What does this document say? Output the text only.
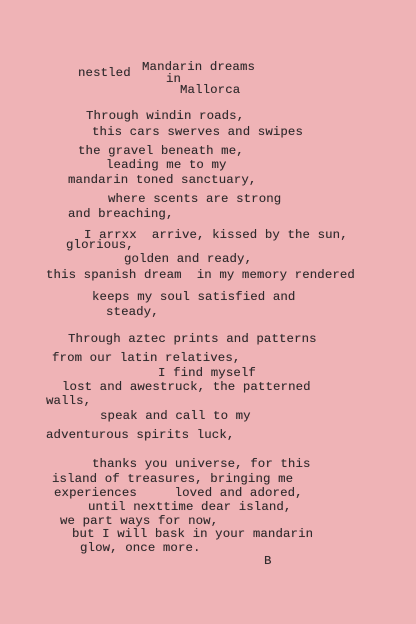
nestled Mandarin dreams
in
Mallorca
Through windin roads,
this cars swerves and swipes
the gravel beneath me,
leading me to my
mandarin toned sanctuary,
where scents are strong
and breaching,
I arrxx  arrive, kissed by the sun,
glorious,
golden and ready,
this spanish dream  in my memory rendered
keeps my soul satisfied and
steady,
Through aztec prints and patterns
from our latin relatives,
I find myself
lost and awestruck, the patterned
walls,
speak and call to my
adventurous spirits luck,
thanks you universe, for this
island of treasures, bringing me
experiences     loved and adored,
until nexttime dear island,
we part ways for now,
but I will bask in your mandarin
glow, once more.
B
